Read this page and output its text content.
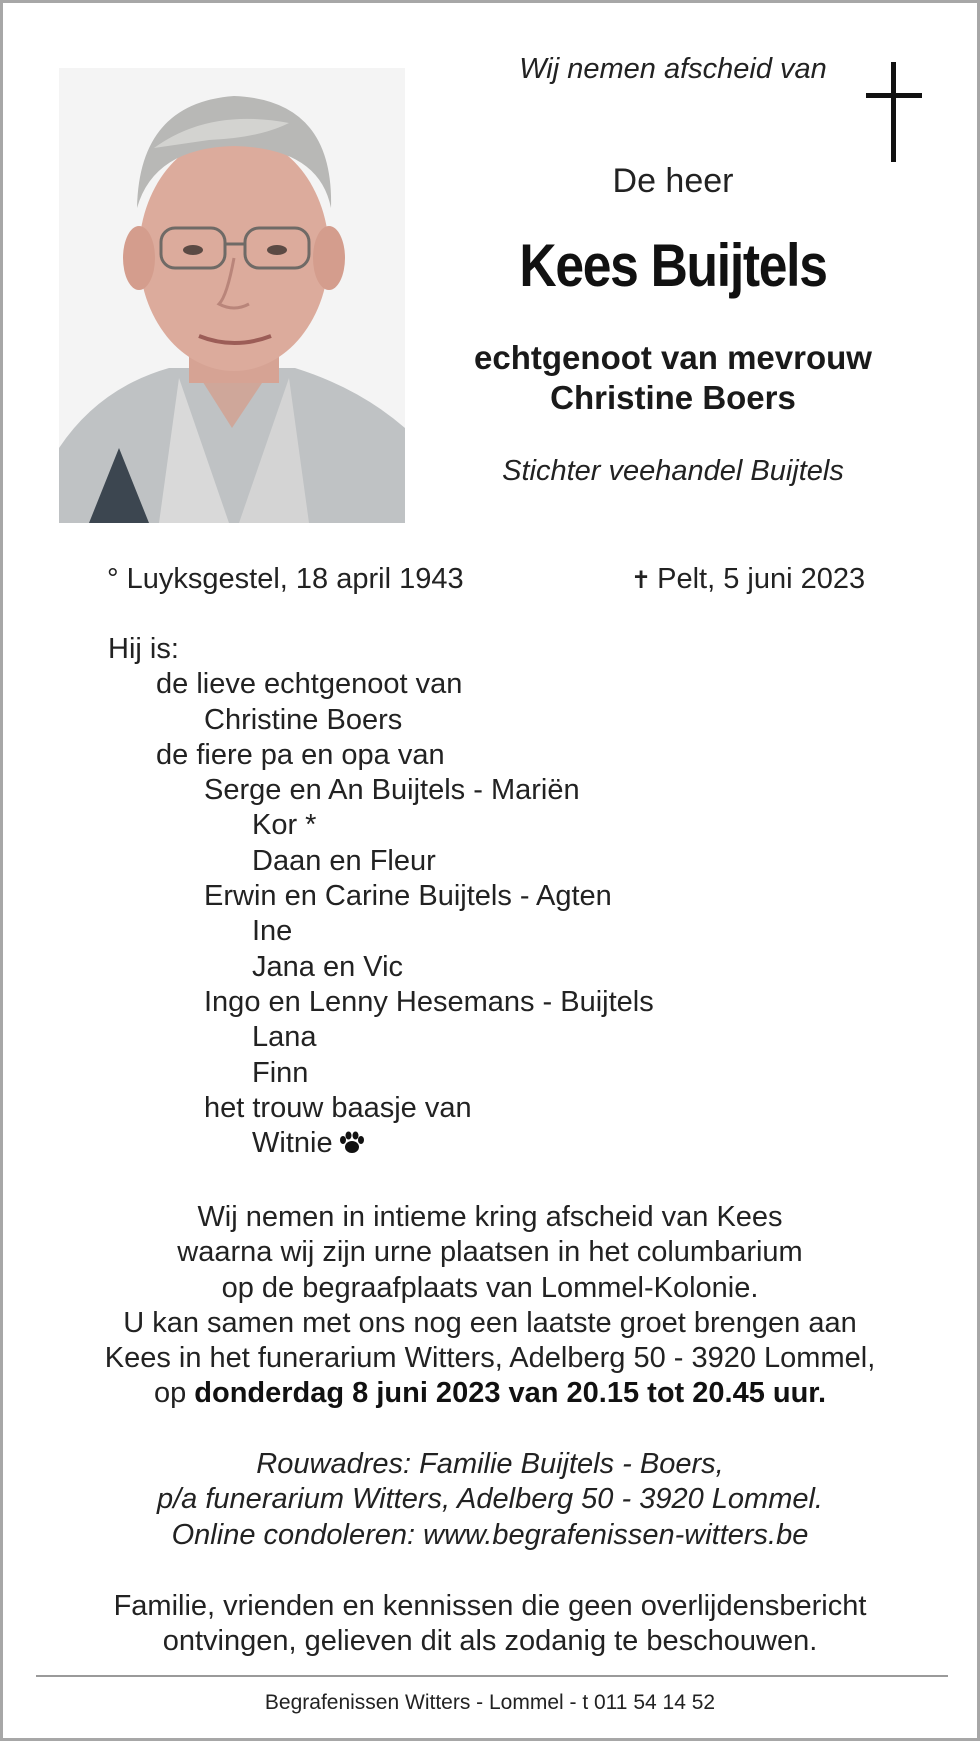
Wij nemen afscheid van
De heer
Kees Buijtels
echtgenoot van mevrouw
Christine Boers
Stichter veehandel Buijtels
° Luyksgestel, 18 april 1943	✝ Pelt, 5 juni 2023
Hij is:
de lieve echtgenoot van
Christine Boers
de fiere pa en opa van
Serge en An Buijtels - Mariën
Kor *
Daan en Fleur
Erwin en Carine Buijtels - Agten
Ine
Jana en Vic
Ingo en Lenny Hesemans - Buijtels
Lana
Finn
het trouw baasje van
Witnie
Wij nemen in intieme kring afscheid van Kees
waarna wij zijn urne plaatsen in het columbarium
op de begraafplaats van Lommel-Kolonie.
U kan samen met ons nog een laatste groet brengen aan
Kees in het funerarium Witters, Adelberg 50 - 3920 Lommel,
op donderdag 8 juni 2023 van 20.15 tot 20.45 uur.
Rouwadres: Familie Buijtels - Boers,
p/a funerarium Witters, Adelberg 50 - 3920 Lommel.
Online condoleren: www.begrafenissen-witters.be
Familie, vrienden en kennissen die geen overlijdensbericht
ontvingen, gelieven dit als zodanig te beschouwen.
Begrafenissen Witters - Lommel - t 011 54 14 52
